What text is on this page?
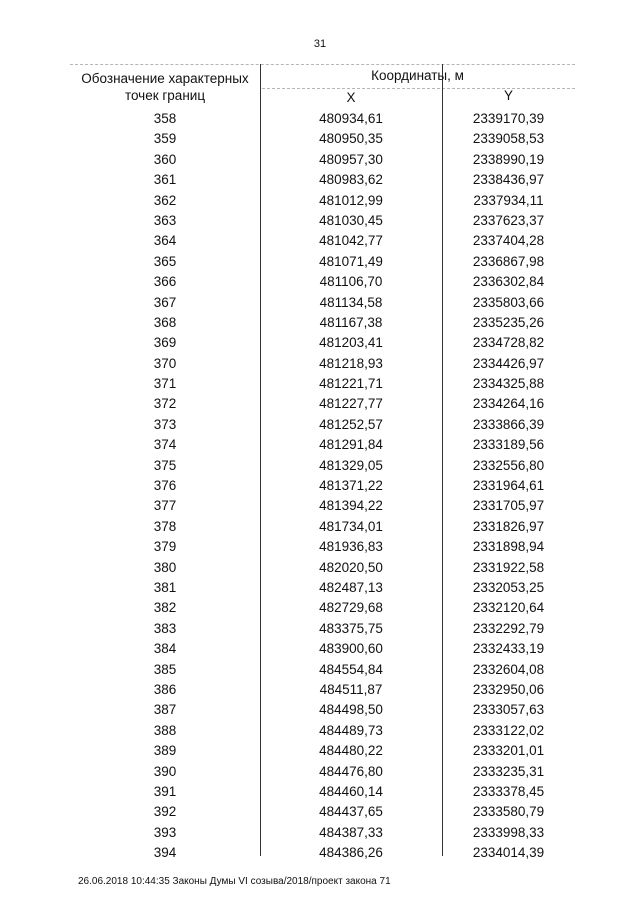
31
Обозначение характерных точек границ
Координаты, м
X	Y
358	480934,61	2339170,39
359	480950,35	2339058,53
360	480957,30	2338990,19
361	480983,62	2338436,97
362	481012,99	2337934,11
363	481030,45	2337623,37
364	481042,77	2337404,28
365	481071,49	2336867,98
366	481106,70	2336302,84
367	481134,58	2335803,66
368	481167,38	2335235,26
369	481203,41	2334728,82
370	481218,93	2334426,97
371	481221,71	2334325,88
372	481227,77	2334264,16
373	481252,57	2333866,39
374	481291,84	2333189,56
375	481329,05	2332556,80
376	481371,22	2331964,61
377	481394,22	2331705,97
378	481734,01	2331826,97
379	481936,83	2331898,94
380	482020,50	2331922,58
381	482487,13	2332053,25
382	482729,68	2332120,64
383	483375,75	2332292,79
384	483900,60	2332433,19
385	484554,84	2332604,08
386	484511,87	2332950,06
387	484498,50	2333057,63
388	484489,73	2333122,02
389	484480,22	2333201,01
390	484476,80	2333235,31
391	484460,14	2333378,45
392	484437,65	2333580,79
393	484387,33	2333998,33
394	484386,26	2334014,39
26.06.2018 10:44:35 Законы Думы VI созыва/2018/проект закона 71
